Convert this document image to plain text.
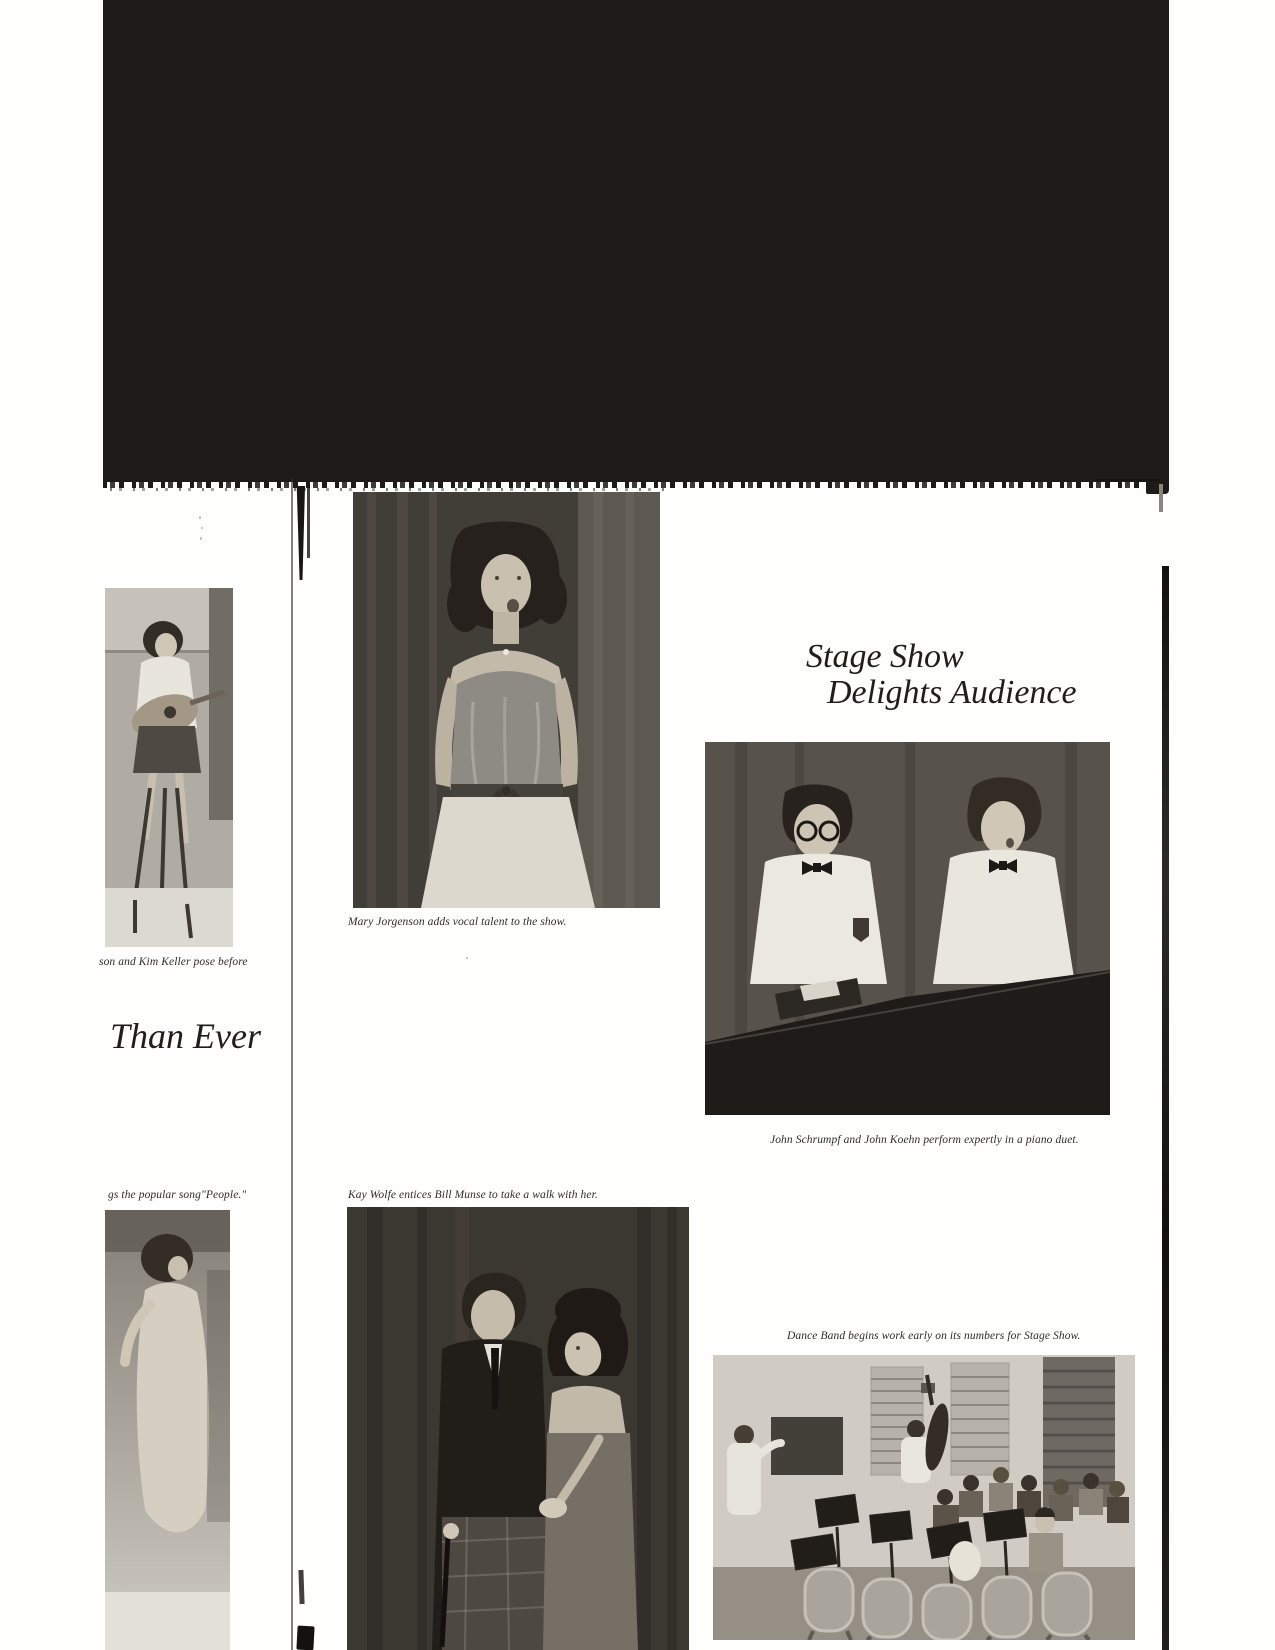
Stage Show
Delights Audience
Than Ever
son and Kim Keller pose before
Mary Jorgenson adds vocal talent to the show.
John Schrumpf and John Koehn perform expertly in a piano duet.
gs the popular song"People."	Kay Wolfe entices Bill Munse to take a walk with her.
Dance Band begins work early on its numbers for Stage Show.
